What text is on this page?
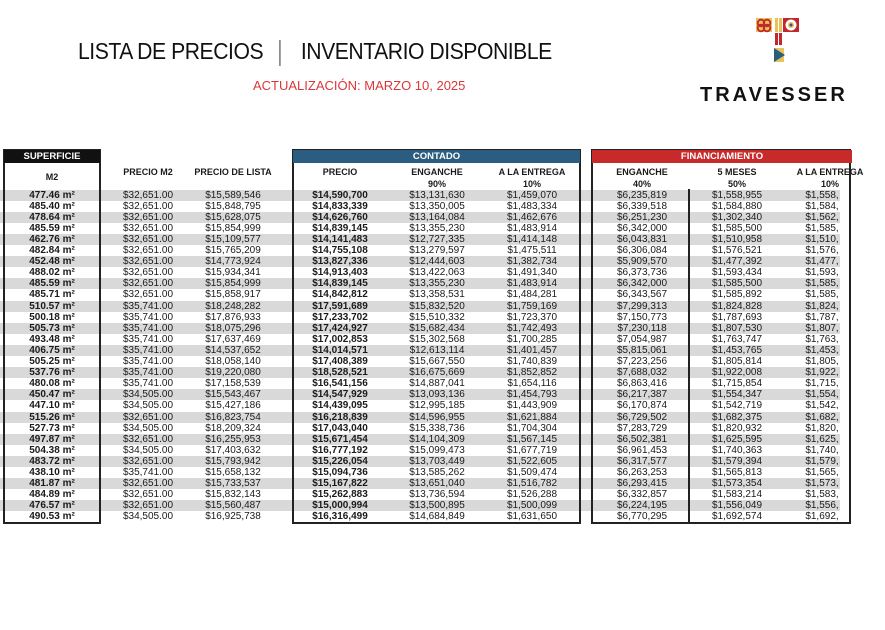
LISTA DE PRECIOS INVENTARIO DISPONIBLE
ACTUALIZACIÓN: MARZO 10, 2025	TRAVESSER
SUPERFICIE
M2	PRECIO M2	PRECIO DE LISTA
CONTADO
PRECIO	ENGANCHE
90%
A LA ENTREGA
10%
FINANCIAMIENTO
ENGANCHE
40%
5 MESES
50%
A LA ENTREGA
10%
477.46 m²	$32,651.00	$15,589,546	$14,590,700	$13,131,630	$1,459,070	$6,235,819	$1,558,955	$1,558,
485.40 m²	$32,651.00	$15,848,795	$14,833,339	$13,350,005	$1,483,334	$6,339,518	$1,584,880	$1,584,
478.64 m²	$32,651.00	$15,628,075	$14,626,760	$13,164,084	$1,462,676	$6,251,230	$1,302,340	$1,562,
485.59 m²	$32,651.00	$15,854,999	$14,839,145	$13,355,230	$1,483,914	$6,342,000	$1,585,500	$1,585,
462.76 m²	$32,651.00	$15,109,577	$14,141,483	$12,727,335	$1,414,148	$6,043,831	$1,510,958	$1,510,
482.84 m²	$32,651.00	$15,765,209	$14,755,108	$13,279,597	$1,475,511	$6,306,084	$1,576,521	$1,576,
452.48 m²	$32,651.00	$14,773,924	$13,827,336	$12,444,603	$1,382,734	$5,909,570	$1,477,392	$1,477,
488.02 m²	$32,651.00	$15,934,341	$14,913,403	$13,422,063	$1,491,340	$6,373,736	$1,593,434	$1,593,
485.59 m²	$32,651.00	$15,854,999	$14,839,145	$13,355,230	$1,483,914	$6,342,000	$1,585,500	$1,585,
485.71 m²	$32,651.00	$15,858,917	$14,842,812	$13,358,531	$1,484,281	$6,343,567	$1,585,892	$1,585,
510.57 m²	$35,741.00	$18,248,282	$17,591,689	$15,832,520	$1,759,169	$7,299,313	$1,824,828	$1,824,
500.18 m²	$35,741.00	$17,876,933	$17,233,702	$15,510,332	$1,723,370	$7,150,773	$1,787,693	$1,787,
505.73 m²	$35,741.00	$18,075,296	$17,424,927	$15,682,434	$1,742,493	$7,230,118	$1,807,530	$1,807,
493.48 m²	$35,741.00	$17,637,469	$17,002,853	$15,302,568	$1,700,285	$7,054,987	$1,763,747	$1,763,
406.75 m²	$35,741.00	$14,537,652	$14,014,571	$12,613,114	$1,401,457	$5,815,061	$1,453,765	$1,453,
505.25 m²	$35,741.00	$18,058,140	$17,408,389	$15,667,550	$1,740,839	$7,223,256	$1,805,814	$1,805,
537.76 m²	$35,741.00	$19,220,080	$18,528,521	$16,675,669	$1,852,852	$7,688,032	$1,922,008	$1,922,
480.08 m²	$35,741.00	$17,158,539	$16,541,156	$14,887,041	$1,654,116	$6,863,416	$1,715,854	$1,715,
450.47 m²	$34,505.00	$15,543,467	$14,547,929	$13,093,136	$1,454,793	$6,217,387	$1,554,347	$1,554,
447.10 m²	$34,505.00	$15,427,186	$14,439,095	$12,995,185	$1,443,909	$6,170,874	$1,542,719	$1,542,
515.26 m²	$32,651.00	$16,823,754	$16,218,839	$14,596,955	$1,621,884	$6,729,502	$1,682,375	$1,682,
527.73 m²	$34,505.00	$18,209,324	$17,043,040	$15,338,736	$1,704,304	$7,283,729	$1,820,932	$1,820,
497.87 m²	$32,651.00	$16,255,953	$15,671,454	$14,104,309	$1,567,145	$6,502,381	$1,625,595	$1,625,
504.38 m²	$34,505.00	$17,403,632	$16,777,192	$15,099,473	$1,677,719	$6,961,453	$1,740,363	$1,740,
483.72 m²	$32,651.00	$15,793,942	$15,226,054	$13,703,449	$1,522,605	$6,317,577	$1,579,394	$1,579,
438.10 m²	$35,741.00	$15,658,132	$15,094,736	$13,585,262	$1,509,474	$6,263,253	$1,565,813	$1,565,
481.87 m²	$32,651.00	$15,733,537	$15,167,822	$13,651,040	$1,516,782	$6,293,415	$1,573,354	$1,573,
484.89 m²	$32,651.00	$15,832,143	$15,262,883	$13,736,594	$1,526,288	$6,332,857	$1,583,214	$1,583,
476.57 m²	$32,651.00	$15,560,487	$15,000,994	$13,500,895	$1,500,099	$6,224,195	$1,556,049	$1,556,
490.53 m²	$34,505.00	$16,925,738	$16,316,499	$14,684,849	$1,631,650	$6,770,295	$1,692,574	$1,692,
